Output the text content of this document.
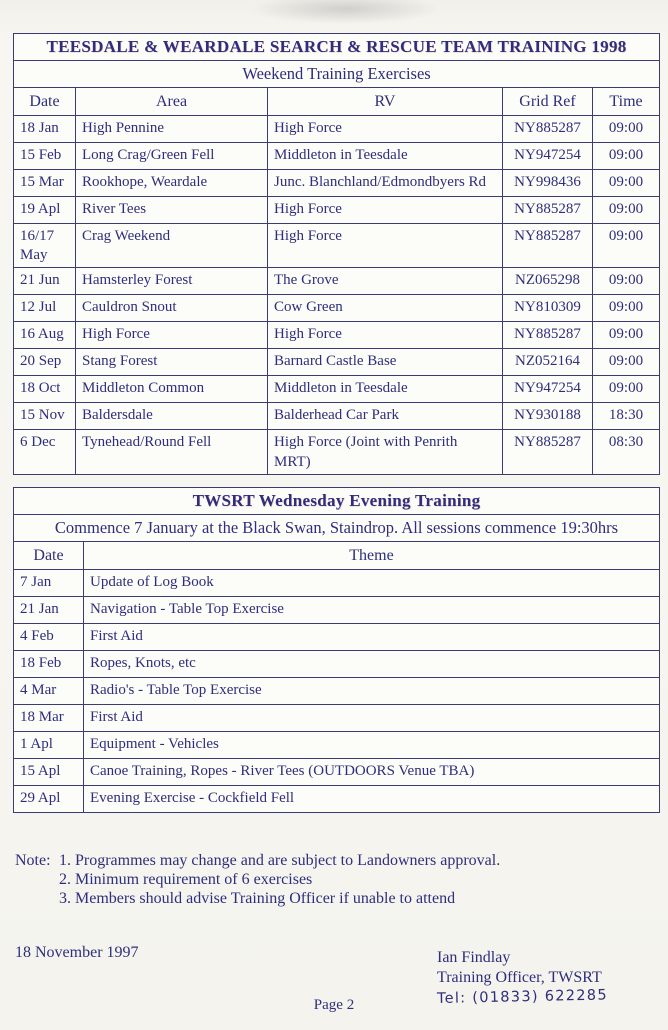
TEESDALE & WEARDALE SEARCH & RESCUE TEAM TRAINING 1998				
Weekend Training Exercises				
Date	Area	RV	Grid Ref	Time
18 Jan	High Pennine	High Force	NY885287	09:00
15 Feb	Long Crag/Green Fell	Middleton in Teesdale	NY947254	09:00
15 Mar	Rookhope, Weardale	Junc. Blanchland/Edmondbyers Rd	NY998436	09:00
19 Apl	River Tees	High Force	NY885287	09:00
16/17 May	Crag Weekend	High Force	NY885287	09:00
21 Jun	Hamsterley Forest	The Grove	NZ065298	09:00
12 Jul	Cauldron Snout	Cow Green	NY810309	09:00
16 Aug	High Force	High Force	NY885287	09:00
20 Sep	Stang Forest	Barnard Castle Base	NZ052164	09:00
18 Oct	Middleton Common	Middleton in Teesdale	NY947254	09:00
15 Nov	Baldersdale	Balderhead Car Park	NY930188	18:30
6 Dec	Tynehead/Round Fell	High Force (Joint with Penrith MRT)	NY885287	08:30
TWSRT Wednesday Evening Training	
Commence 7 January at the Black Swan, Staindrop. All sessions commence 19:30hrs	
Date	Theme
7 Jan	Update of Log Book
21 Jan	Navigation - Table Top Exercise
4 Feb	First Aid
18 Feb	Ropes, Knots, etc
4 Mar	Radio's - Table Top Exercise
18 Mar	First Aid
1 Apl	Equipment - Vehicles
15 Apl	Canoe Training, Ropes - River Tees (OUTDOORS Venue TBA)
29 Apl	Evening Exercise - Cockfield Fell
Note: 1. Programmes may change and are subject to Landowners approval.
2. Minimum requirement of 6 exercises
3. Members should advise Training Officer if unable to attend
18 November 1997	Ian Findlay
Training Officer, TWSRT
Tel: (01833) 622285
Page 2
